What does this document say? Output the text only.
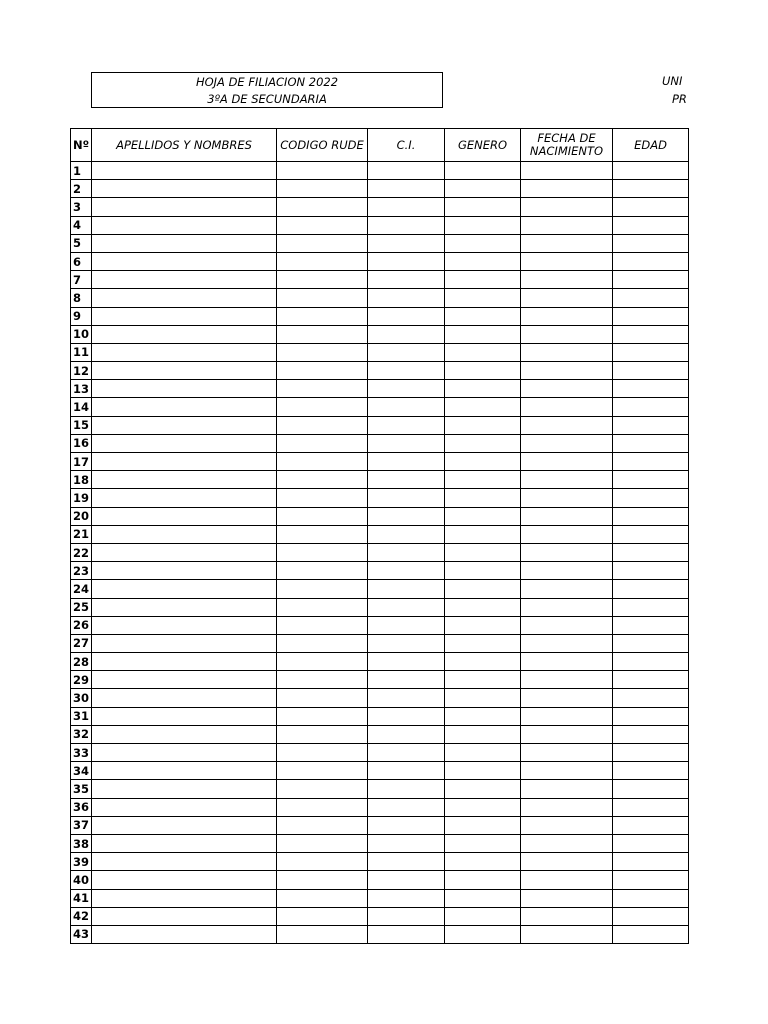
HOJA DE FILIACION 2022
3ºA DE SECUNDARIA
UNI
PR
Nº	APELLIDOS Y NOMBRES	CODIGO RUDE	C.I.	GENERO	FECHA DE NACIMIENTO	EDAD
1						
2						
3						
4						
5						
6						
7						
8						
9						
10						
11						
12						
13						
14						
15						
16						
17						
18						
19						
20						
21						
22						
23						
24						
25						
26						
27						
28						
29						
30						
31						
32						
33						
34						
35						
36						
37						
38						
39						
40						
41						
42						
43						
